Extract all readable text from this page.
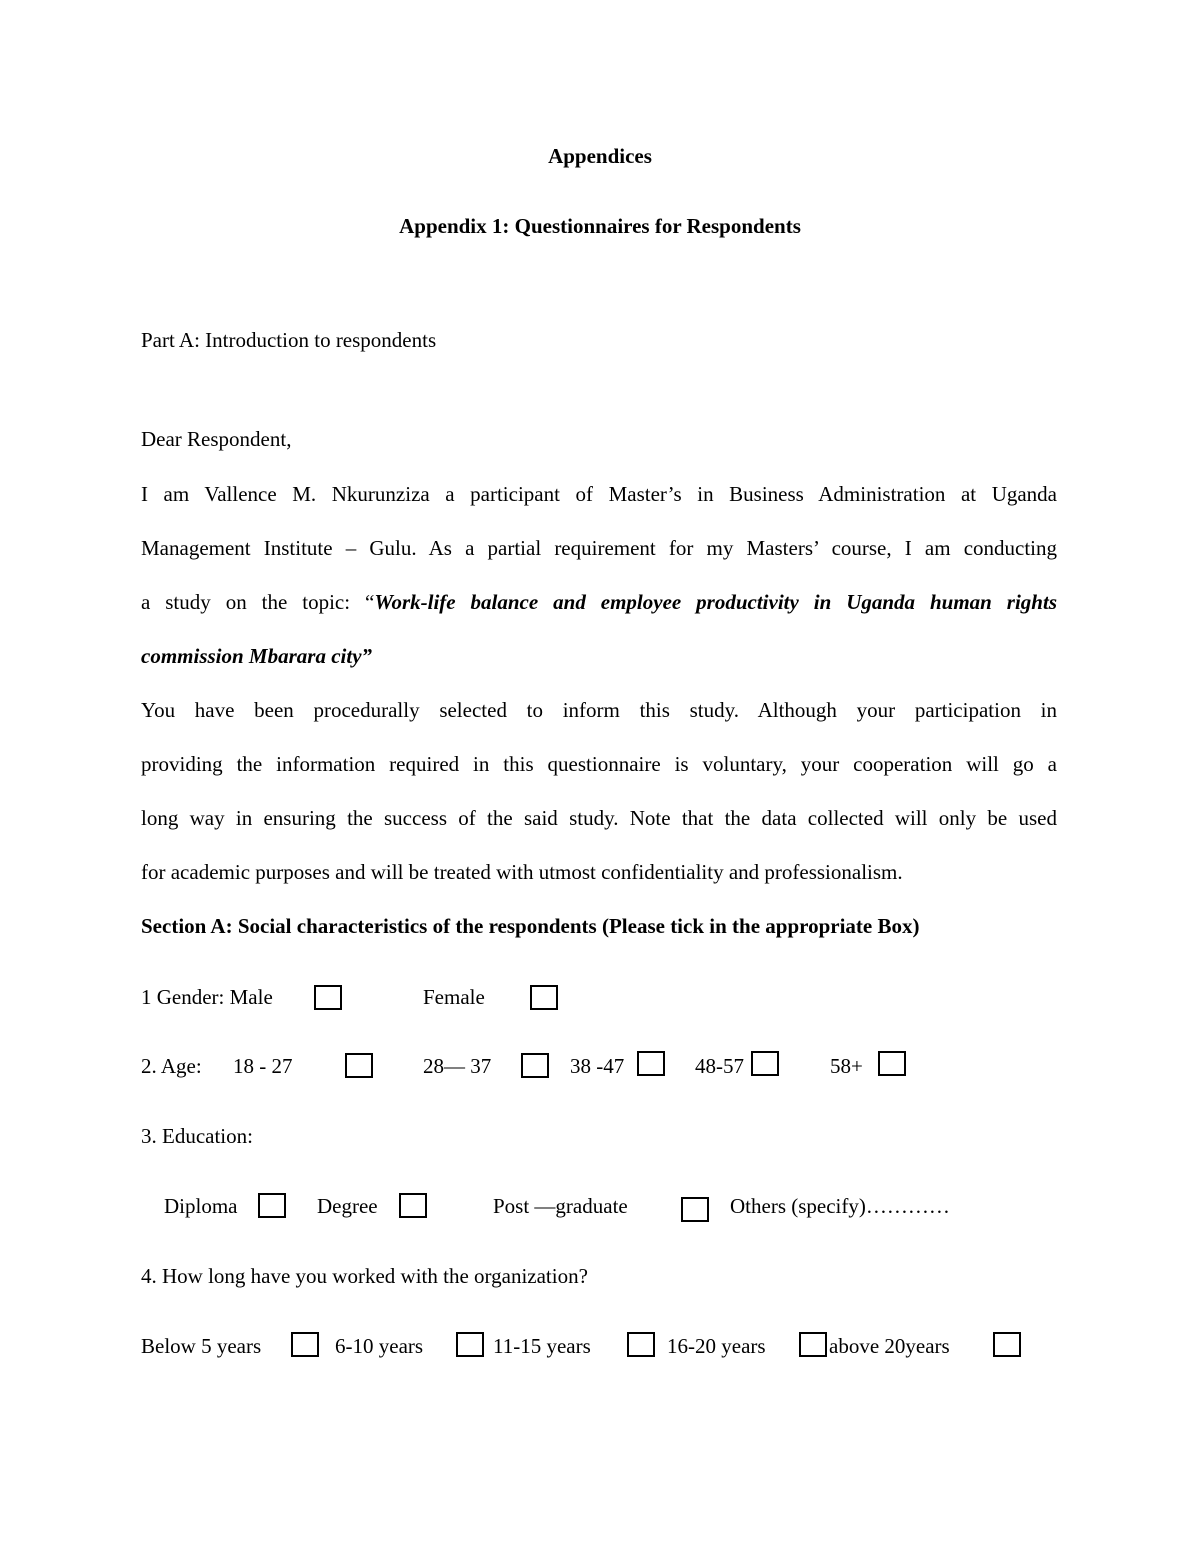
Appendices
Appendix 1: Questionnaires for Respondents
Part A: Introduction to respondents
Dear Respondent,
I am Vallence M. Nkurunziza a participant of Master’s in Business Administration at Uganda
Management Institute – Gulu. As a partial requirement for my Masters’ course, I am conducting
a study on the topic: “Work-life balance and employee productivity in Uganda human rights
commission Mbarara city”
You have been procedurally selected to inform this study. Although your participation in
providing the information required in this questionnaire is voluntary, your cooperation will go a
long way in ensuring the success of the said study. Note that the data collected will only be used
for academic purposes and will be treated with utmost confidentiality and professionalism.
Section A: Social characteristics of the respondents (Please tick in the appropriate Box)
1 Gender: Male	Female
2. Age: 18 - 27	28— 37	38 -47	48-57	58+
3. Education:
Diploma	Degree	Post —graduate	Others (specify)…………
4. How long have you worked with the organization?
Below 5 years	6-10 years	11-15 years	16-20 years	above 20years
